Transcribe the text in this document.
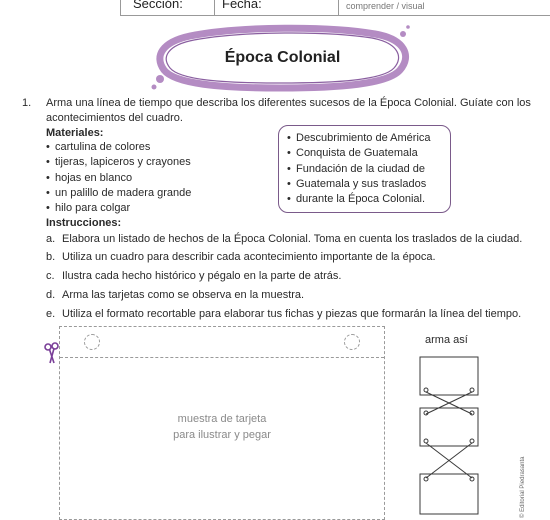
Sección:	Fecha:	comprender / visual
Época Colonial
1. Arma una línea de tiempo que describa los diferentes sucesos de la Época Colonial. Guíate con los
acontecimientos del cuadro.
Materiales:
• cartulina de colores
• tijeras, lapiceros y crayones
• hojas en blanco
• un palillo de madera grande
• hilo para colgar
• Descubrimiento de América
• Conquista de Guatemala
• Fundación de la ciudad de
• Guatemala y sus traslados
• durante la Época Colonial.
Instrucciones:
a. Elabora un listado de hechos de la Época Colonial. Toma en cuenta los traslados de la ciudad.
b. Utiliza un cuadro para describir cada acontecimiento importante de la época.
c. Ilustra cada hecho histórico y pégalo en la parte de atrás.
d. Arma las tarjetas como se observa en la muestra.
e. Utiliza el formato recortable para elaborar tus fichas y piezas que formarán la línea del tiempo.
muestra de tarjeta
para ilustrar y pegar
arma así
© Editorial Piedrasanta
